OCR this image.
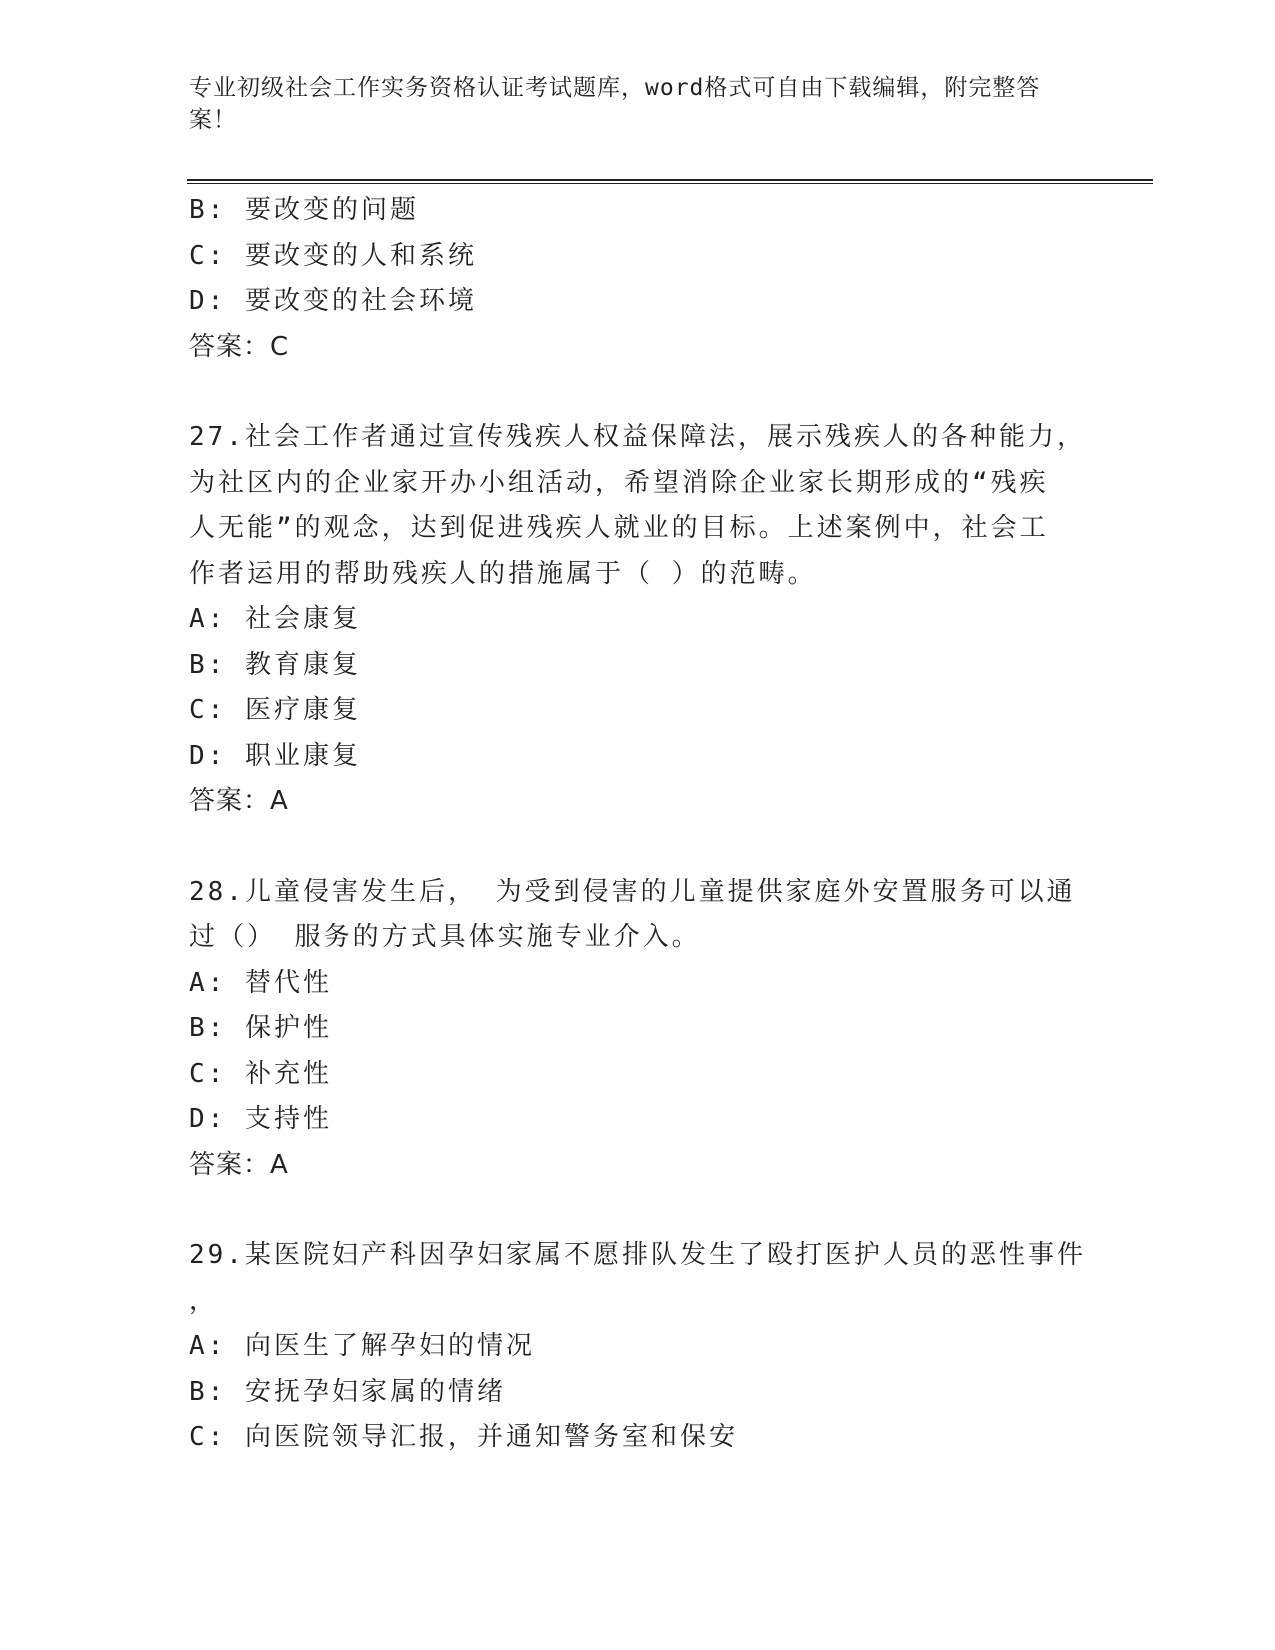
专业初级社会工作实务资格认证考试题库，word格式可自由下载编辑，附完整答
案！
B: 要改变的问题
C: 要改变的人和系统
D: 要改变的社会环境
答案：C
27.社会工作者通过宣传残疾人权益保障法，展示残疾人的各种能力，
为社区内的企业家开办小组活动，希望消除企业家长期形成的“残疾
人无能”的观念，达到促进残疾人就业的目标。上述案例中，社会工
作者运用的帮助残疾人的措施属于（ ）的范畴。
A: 社会康复
B: 教育康复
C: 医疗康复
D: 职业康复
答案：A
28.儿童侵害发生后， 为受到侵害的儿童提供家庭外安置服务可以通
过（） 服务的方式具体实施专业介入。
A: 替代性
B: 保护性
C: 补充性
D: 支持性
答案：A
29.某医院妇产科因孕妇家属不愿排队发生了殴打医护人员的恶性事件
，
A: 向医生了解孕妇的情况
B: 安抚孕妇家属的情绪
C: 向医院领导汇报，并通知警务室和保安
